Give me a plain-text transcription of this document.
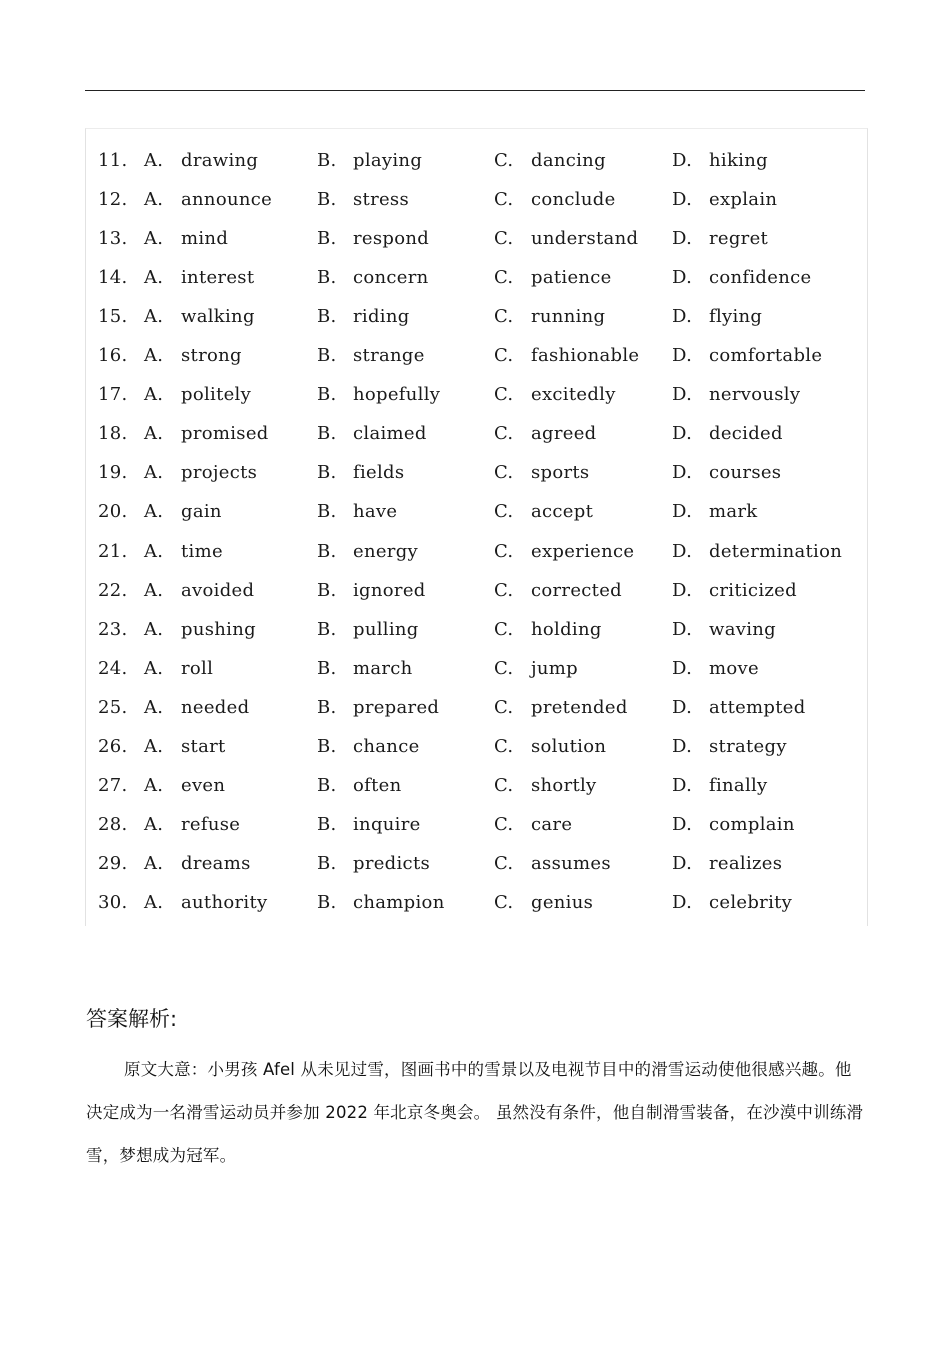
11. A. drawing	B. playing	C. dancing	D. hiking
12. A. announce B. stress	C. conclude	D. explain
13. A. mind	B. respond	C. understand D. regret
14. A. interest	B. concern	C. patience	D. confidence
15. A. walking	B. riding	C. running	D. flying
16. A. strong	B. strange	C. fashionable D. comfortable
17. A. politely	B. hopefully	C. excitedly	D. nervously
18. A. promised	B. claimed	C. agreed	D. decided
19. A. projects	B. fields	C. sports	D. courses
20. A. gain	B. have	C. accept	D. mark
21. A. time	B. energy	C. experience D. determination
22. A. avoided	B. ignored	C. corrected	D. criticized
23. A. pushing	B. pulling	C. holding	D. waving
24. A. roll	B. march	C. jump	D. move
25. A. needed	B. prepared	C. pretended D. attempted
26. A. start	B. chance	C. solution	D. strategy
27. A. even	B. often	C. shortly	D. finally
28. A. refuse	B. inquire	C. care	D. complain
29. A. dreams	B. predicts	C. assumes	D. realizes
30. A. authority	B. champion	C. genius	D. celebrity
答案解析:

原文大意：小男孩 Afel 从未见过雪，图画书中的雪景以及电视节目中的滑雪运动使他很感兴趣。他决定成为一名滑雪运动员并参加 2022 年北京冬奥会。 虽然没有条件，他自制滑雪装备，在沙漠中训练滑雪，梦想成为冠军。
